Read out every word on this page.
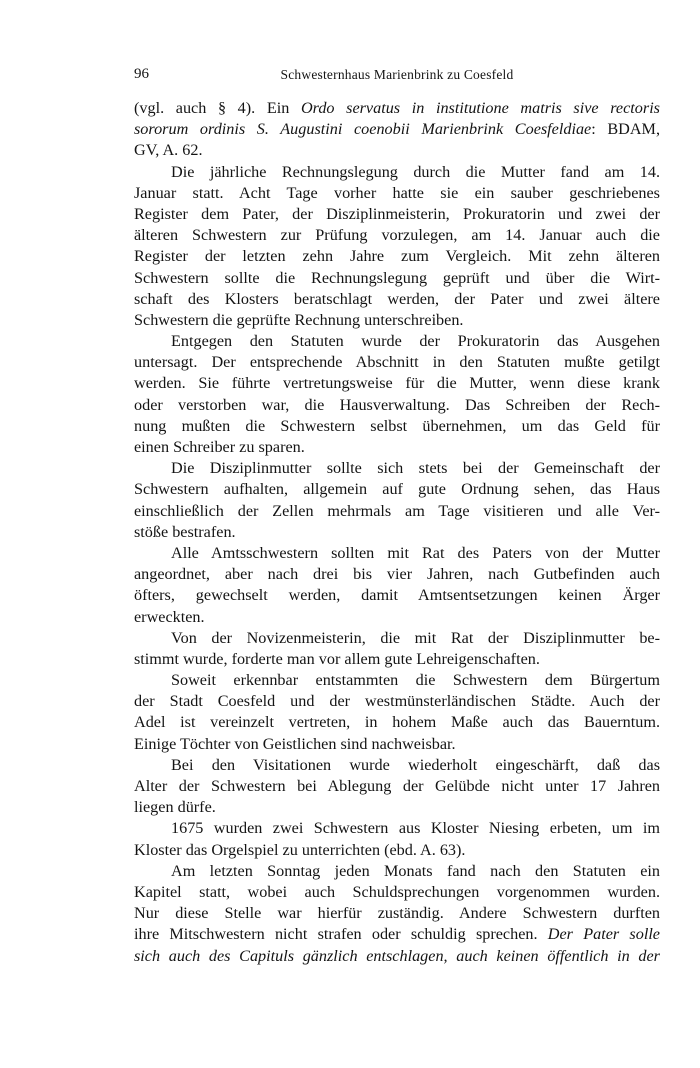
96	Schwesternhaus Marienbrink zu Coesfeld
(vgl. auch § 4). Ein Ordo servatus in institutione matris sive rectoris
sororum ordinis S. Augustini coenobii Marienbrink Coesfeldiae: BDAM,
GV, A. 62.
Die jährliche Rechnungslegung durch die Mutter fand am 14.
Januar statt. Acht Tage vorher hatte sie ein sauber geschriebenes
Register dem Pater, der Disziplinmeisterin, Prokuratorin und zwei der
älteren Schwestern zur Prüfung vorzulegen, am 14. Januar auch die
Register der letzten zehn Jahre zum Vergleich. Mit zehn älteren
Schwestern sollte die Rechnungslegung geprüft und über die Wirt-
schaft des Klosters beratschlagt werden, der Pater und zwei ältere
Schwestern die geprüfte Rechnung unterschreiben.
Entgegen den Statuten wurde der Prokuratorin das Ausgehen
untersagt. Der entsprechende Abschnitt in den Statuten mußte getilgt
werden. Sie führte vertretungsweise für die Mutter, wenn diese krank
oder verstorben war, die Hausverwaltung. Das Schreiben der Rech-
nung mußten die Schwestern selbst übernehmen, um das Geld für
einen Schreiber zu sparen.
Die Disziplinmutter sollte sich stets bei der Gemeinschaft der
Schwestern aufhalten, allgemein auf gute Ordnung sehen, das Haus
einschließlich der Zellen mehrmals am Tage visitieren und alle Ver-
stöße bestrafen.
Alle Amtsschwestern sollten mit Rat des Paters von der Mutter
angeordnet, aber nach drei bis vier Jahren, nach Gutbefinden auch
öfters, gewechselt werden, damit Amtsentsetzungen keinen Ärger
erweckten.
Von der Novizenmeisterin, die mit Rat der Disziplinmutter be-
stimmt wurde, forderte man vor allem gute Lehreigenschaften.
Soweit erkennbar entstammten die Schwestern dem Bürgertum
der Stadt Coesfeld und der westmünsterländischen Städte. Auch der
Adel ist vereinzelt vertreten, in hohem Maße auch das Bauerntum.
Einige Töchter von Geistlichen sind nachweisbar.
Bei den Visitationen wurde wiederholt eingeschärft, daß das
Alter der Schwestern bei Ablegung der Gelübde nicht unter 17 Jahren
liegen dürfe.
1675 wurden zwei Schwestern aus Kloster Niesing erbeten, um im
Kloster das Orgelspiel zu unterrichten (ebd. A. 63).
Am letzten Sonntag jeden Monats fand nach den Statuten ein
Kapitel statt, wobei auch Schuldsprechungen vorgenommen wurden.
Nur diese Stelle war hierfür zuständig. Andere Schwestern durften
ihre Mitschwestern nicht strafen oder schuldig sprechen. Der Pater solle
sich auch des Capituls gänzlich entschlagen, auch keinen öffentlich in der
